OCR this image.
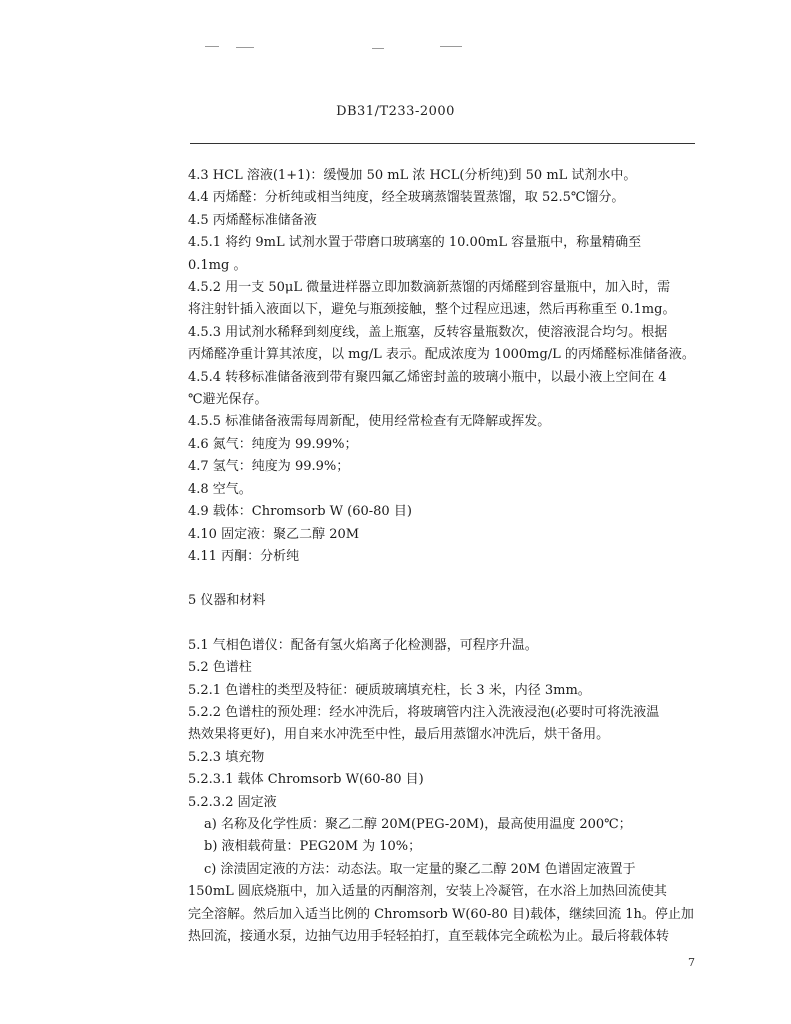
DB31/T233-2000
4.3 HCL 溶液(1+1)：缓慢加 50 mL 浓 HCL(分析纯)到 50 mL 试剂水中。
4.4 丙烯醛：分析纯或相当纯度，经全玻璃蒸馏装置蒸馏，取 52.5℃馏分。
4.5 丙烯醛标准储备液
4.5.1 将约 9mL 试剂水置于带磨口玻璃塞的 10.00mL 容量瓶中，称量精确至
0.1mg 。
4.5.2 用一支 50μL 微量进样器立即加数滴新蒸馏的丙烯醛到容量瓶中，加入时，需
将注射针插入液面以下，避免与瓶颈接触，整个过程应迅速，然后再称重至 0.1mg。
4.5.3 用试剂水稀释到刻度线，盖上瓶塞，反转容量瓶数次，使溶液混合均匀。根据
丙烯醛净重计算其浓度，以 mg/L 表示。配成浓度为 1000mg/L 的丙烯醛标准储备液。
4.5.4 转移标准储备液到带有聚四氟乙烯密封盖的玻璃小瓶中，以最小液上空间在 4
℃避光保存。
4.5.5 标准储备液需每周新配，使用经常检查有无降解或挥发。
4.6 氮气：纯度为 99.99%；
4.7 氢气：纯度为 99.9%；
4.8 空气。
4.9 载体：Chromsorb W (60-80 目)
4.10 固定液：聚乙二醇 20M
4.11 丙酮：分析纯
5 仪器和材料
5.1 气相色谱仪：配备有氢火焰离子化检测器，可程序升温。
5.2 色谱柱
5.2.1 色谱柱的类型及特征：硬质玻璃填充柱，长 3 米，内径 3mm。
5.2.2 色谱柱的预处理：经水冲洗后，将玻璃管内注入洗液浸泡(必要时可将洗液温
热效果将更好)，用自来水冲洗至中性，最后用蒸馏水冲洗后，烘干备用。
5.2.3 填充物
5.2.3.1 载体 Chromsorb W(60-80 目)
5.2.3.2 固定液
a) 名称及化学性质：聚乙二醇 20M(PEG-20M)，最高使用温度 200℃；
b) 液相载荷量：PEG20M 为 10%；
c) 涂渍固定液的方法：动态法。取一定量的聚乙二醇 20M 色谱固定液置于
150mL 圆底烧瓶中，加入适量的丙酮溶剂，安装上冷凝管，在水浴上加热回流使其
完全溶解。然后加入适当比例的 Chromsorb W(60-80 目)载体，继续回流 1h。停止加
热回流，接通水泵，边抽气边用手轻轻拍打，直至载体完全疏松为止。最后将载体转
7
